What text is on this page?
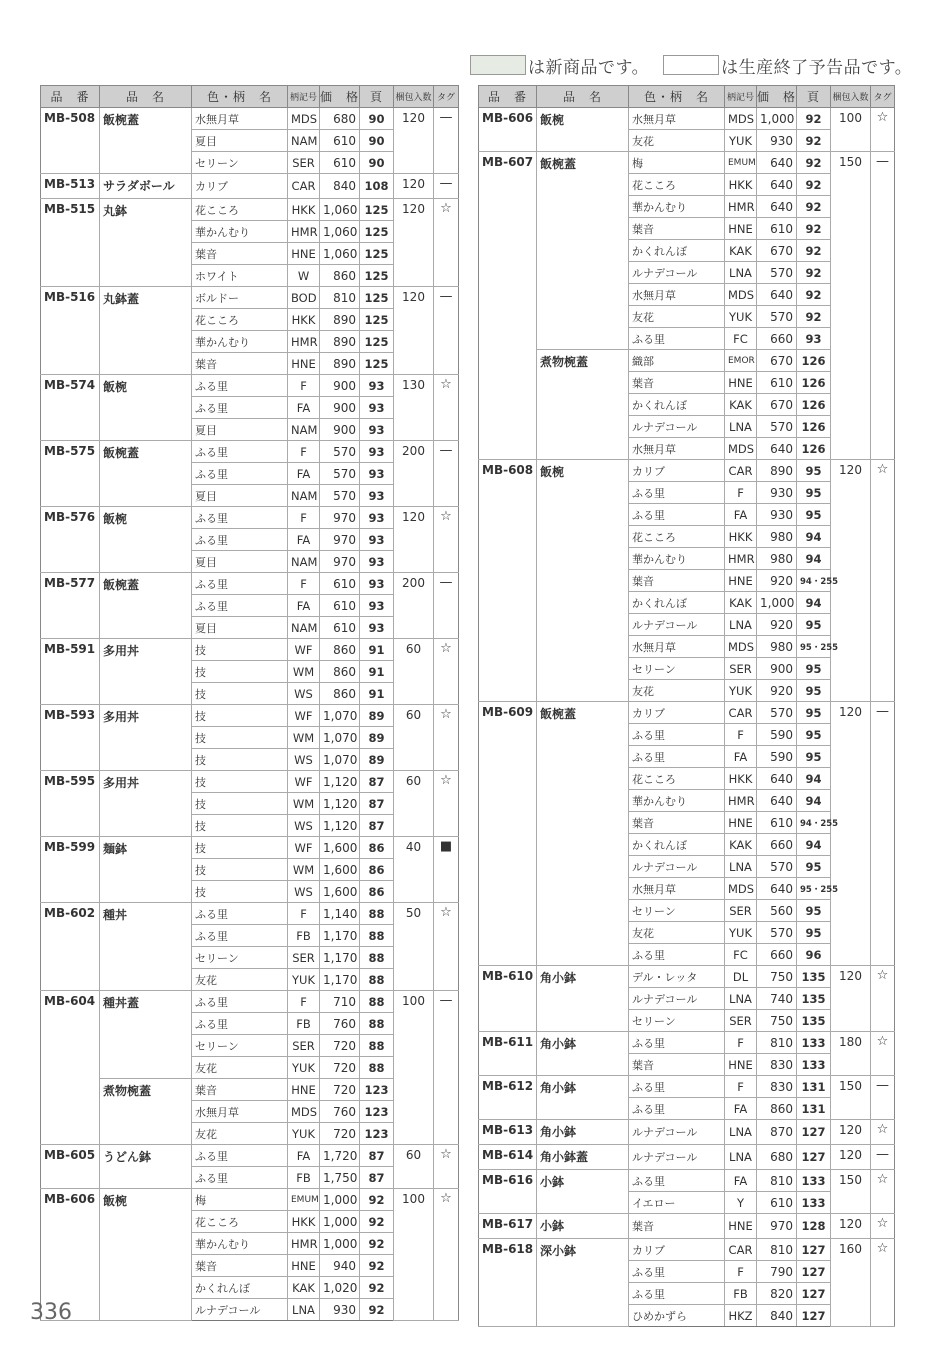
は新商品です。	は生産終了予告品です。
品　番	品　名	色・柄　名	柄記号	価　格	頁	梱包入数	タグ
MB-508	飯椀蓋	水無月草	MDS	680	90	120	—
		夏目	NAM	610	90		
		セリーン	SER	610	90		
MB-513	サラダボール	カリブ	CAR	840	108	120	—
MB-515	丸鉢	花こころ	HKK	1,060	125	120	☆
		華かんむり	HMR	1,060	125		
		葉音	HNE	1,060	125		
		ホワイト	W	860	125		
MB-516	丸鉢蓋	ボルドー	BOD	810	125	120	—
		花こころ	HKK	890	125		
		華かんむり	HMR	890	125		
		葉音	HNE	890	125		
MB-574	飯椀	ふる里	F	900	93	130	☆
		ふる里	FA	900	93		
		夏目	NAM	900	93		
MB-575	飯椀蓋	ふる里	F	570	93	200	—
		ふる里	FA	570	93		
		夏目	NAM	570	93		
MB-576	飯椀	ふる里	F	970	93	120	☆
		ふる里	FA	970	93		
		夏目	NAM	970	93		
MB-577	飯椀蓋	ふる里	F	610	93	200	—
		ふる里	FA	610	93		
		夏目	NAM	610	93		
MB-591	多用丼	技	WF	860	91	60	☆
		技	WM	860	91		
		技	WS	860	91		
MB-593	多用丼	技	WF	1,070	89	60	☆
		技	WM	1,070	89		
		技	WS	1,070	89		
MB-595	多用丼	技	WF	1,120	87	60	☆
		技	WM	1,120	87		
		技	WS	1,120	87		
MB-599	麺鉢	技	WF	1,600	86	40	■
		技	WM	1,600	86		
		技	WS	1,600	86		
MB-602	種丼	ふる里	F	1,140	88	50	☆
		ふる里	FB	1,170	88		
		セリーン	SER	1,170	88		
		友花	YUK	1,170	88		
MB-604	種丼蓋	ふる里	F	710	88	100	—
		ふる里	FB	760	88		
		セリーン	SER	720	88		
		友花	YUK	720	88		
	煮物椀蓋	葉音	HNE	720	123		
		水無月草	MDS	760	123		
		友花	YUK	720	123		
MB-605	うどん鉢	ふる里	FA	1,720	87	60	☆
		ふる里	FB	1,750	87		
MB-606	飯椀	梅	EMUM	1,000	92	100	☆
		花こころ	HKK	1,000	92		
		華かんむり	HMR	1,000	92		
		葉音	HNE	940	92		
		かくれんぼ	KAK	1,020	92		
		ルナデコール	LNA	930	92		
品　番	品　名	色・柄　名	柄記号	価　格	頁	梱包入数	タグ
MB-606	飯椀	水無月草	MDS	1,000	92	100	☆
		友花	YUK	930	92		
MB-607	飯椀蓋	梅	EMUM	640	92	150	—
		花こころ	HKK	640	92		
		華かんむり	HMR	640	92		
		葉音	HNE	610	92		
		かくれんぼ	KAK	670	92		
		ルナデコール	LNA	570	92		
		水無月草	MDS	640	92		
		友花	YUK	570	92		
		ふる里	FC	660	93		
	煮物椀蓋	織部	EMOR	670	126		
		葉音	HNE	610	126		
		かくれんぼ	KAK	670	126		
		ルナデコール	LNA	570	126		
		水無月草	MDS	640	126		
MB-608	飯椀	カリブ	CAR	890	95	120	☆
		ふる里	F	930	95		
		ふる里	FA	930	95		
		花こころ	HKK	980	94		
		華かんむり	HMR	980	94		
		葉音	HNE	920	94・255		
		かくれんぼ	KAK	1,000	94		
		ルナデコール	LNA	920	95		
		水無月草	MDS	980	95・255		
		セリーン	SER	900	95		
		友花	YUK	920	95		
MB-609	飯椀蓋	カリブ	CAR	570	95	120	—
		ふる里	F	590	95		
		ふる里	FA	590	95		
		花こころ	HKK	640	94		
		華かんむり	HMR	640	94		
		葉音	HNE	610	94・255		
		かくれんぼ	KAK	660	94		
		ルナデコール	LNA	570	95		
		水無月草	MDS	640	95・255		
		セリーン	SER	560	95		
		友花	YUK	570	95		
		ふる里	FC	660	96		
MB-610	角小鉢	デル・レッタ	DL	750	135	120	☆
		ルナデコール	LNA	740	135		
		セリーン	SER	750	135		
MB-611	角小鉢	ふる里	F	810	133	180	☆
		葉音	HNE	830	133		
MB-612	角小鉢	ふる里	F	830	131	150	—
		ふる里	FA	860	131		
MB-613	角小鉢	ルナデコール	LNA	870	127	120	☆
MB-614	角小鉢蓋	ルナデコール	LNA	680	127	120	—
MB-616	小鉢	ふる里	FA	810	133	150	☆
		イエロー	Y	610	133		
MB-617	小鉢	葉音	HNE	970	128	120	☆
MB-618	深小鉢	カリブ	CAR	810	127	160	☆
		ふる里	F	790	127		
		ふる里	FB	820	127		
		ひめかずら	HKZ	840	127		
336
